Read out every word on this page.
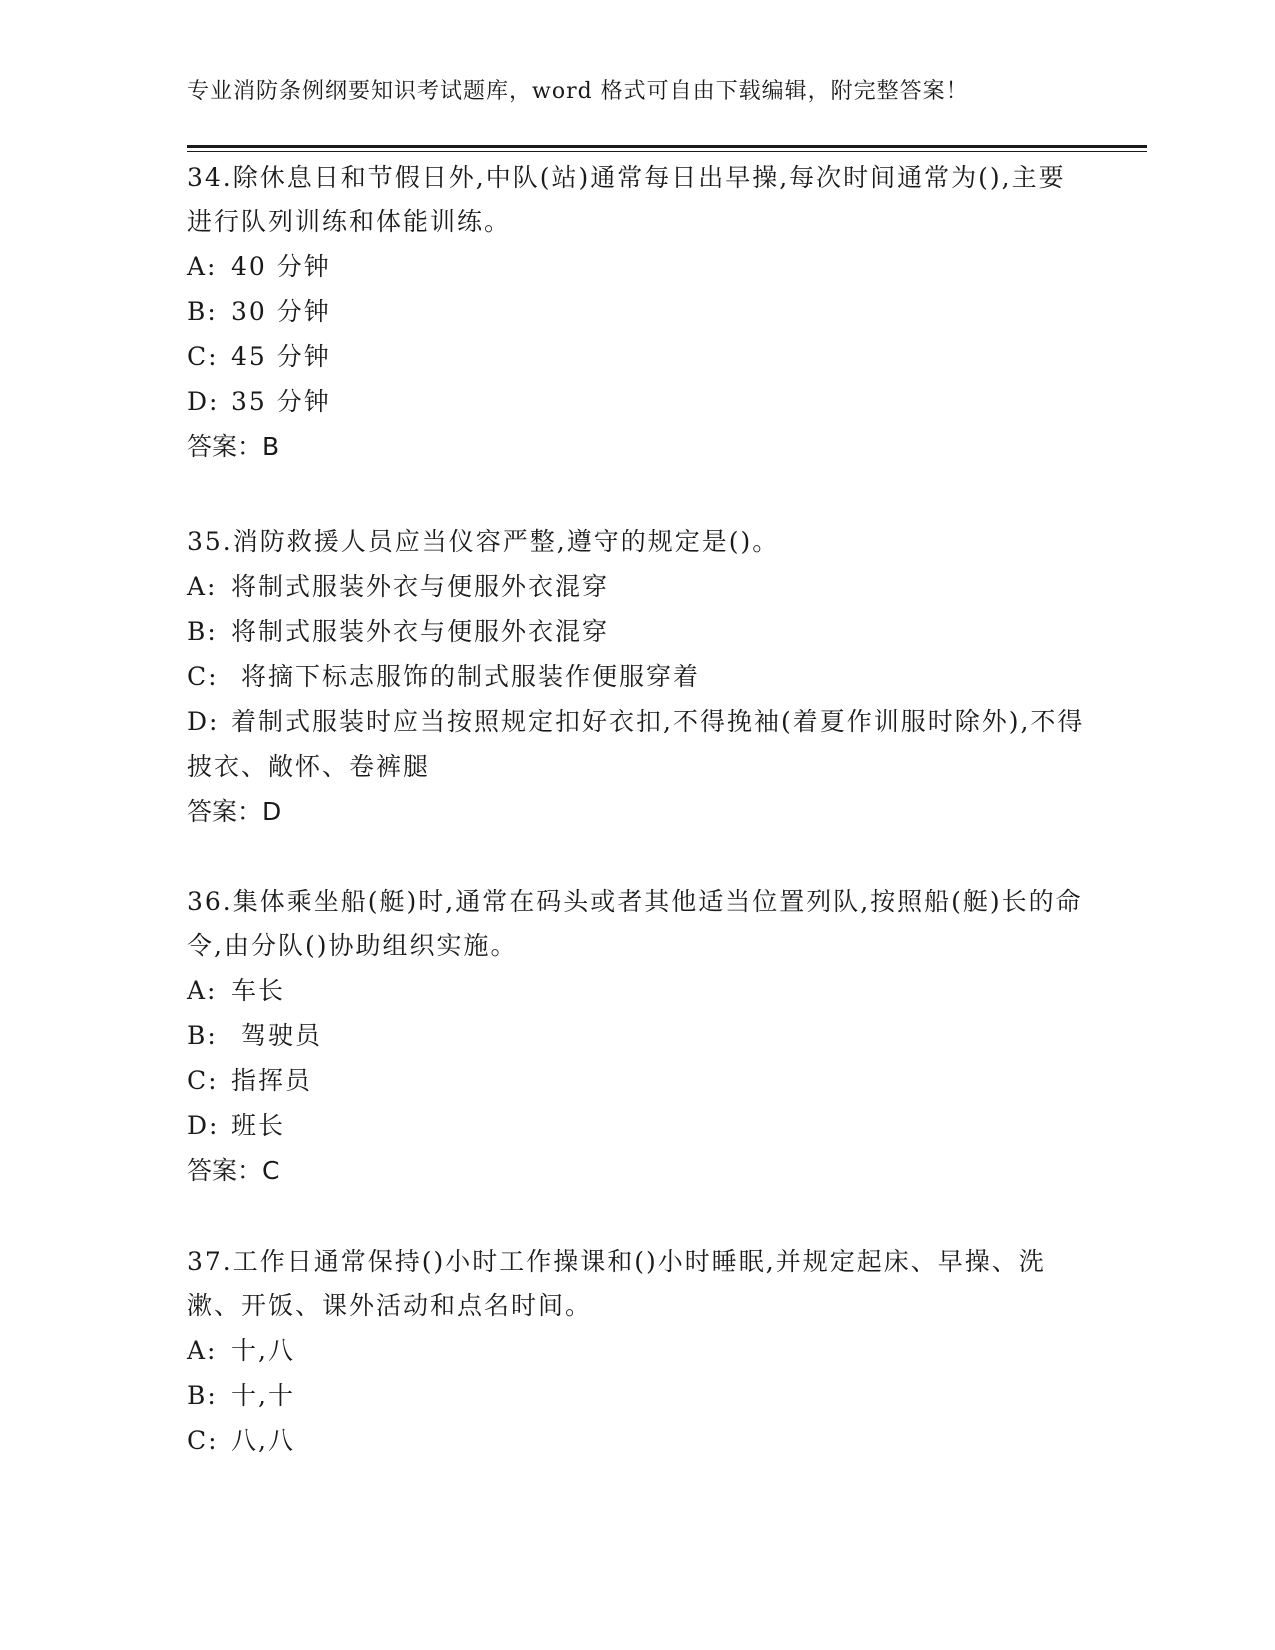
专业消防条例纲要知识考试题库，word 格式可自由下载编辑，附完整答案！

34.除休息日和节假日外,中队(站)通常每日出早操,每次时间通常为(),主要进行队列训练和体能训练。

A: 40 分钟

B: 30 分钟

C: 45 分钟

D: 35 分钟

答案：B

35.消防救援人员应当仪容严整,遵守的规定是()。

A: 将制式服装外衣与便服外衣混穿

B: 将制式服装外衣与便服外衣混穿

C: 将摘下标志服饰的制式服装作便服穿着

D: 着制式服装时应当按照规定扣好衣扣,不得挽袖(着夏作训服时除外),不得披衣、敞怀、卷裤腿

答案：D

36.集体乘坐船(艇)时,通常在码头或者其他适当位置列队,按照船(艇)长的命令,由分队()协助组织实施。

A: 车长

B: 驾驶员

C: 指挥员

D: 班长

答案：C

37.工作日通常保持()小时工作操课和()小时睡眠,并规定起床、早操、洗漱、开饭、课外活动和点名时间。

A: 十,八

B: 十,十

C: 八,八
